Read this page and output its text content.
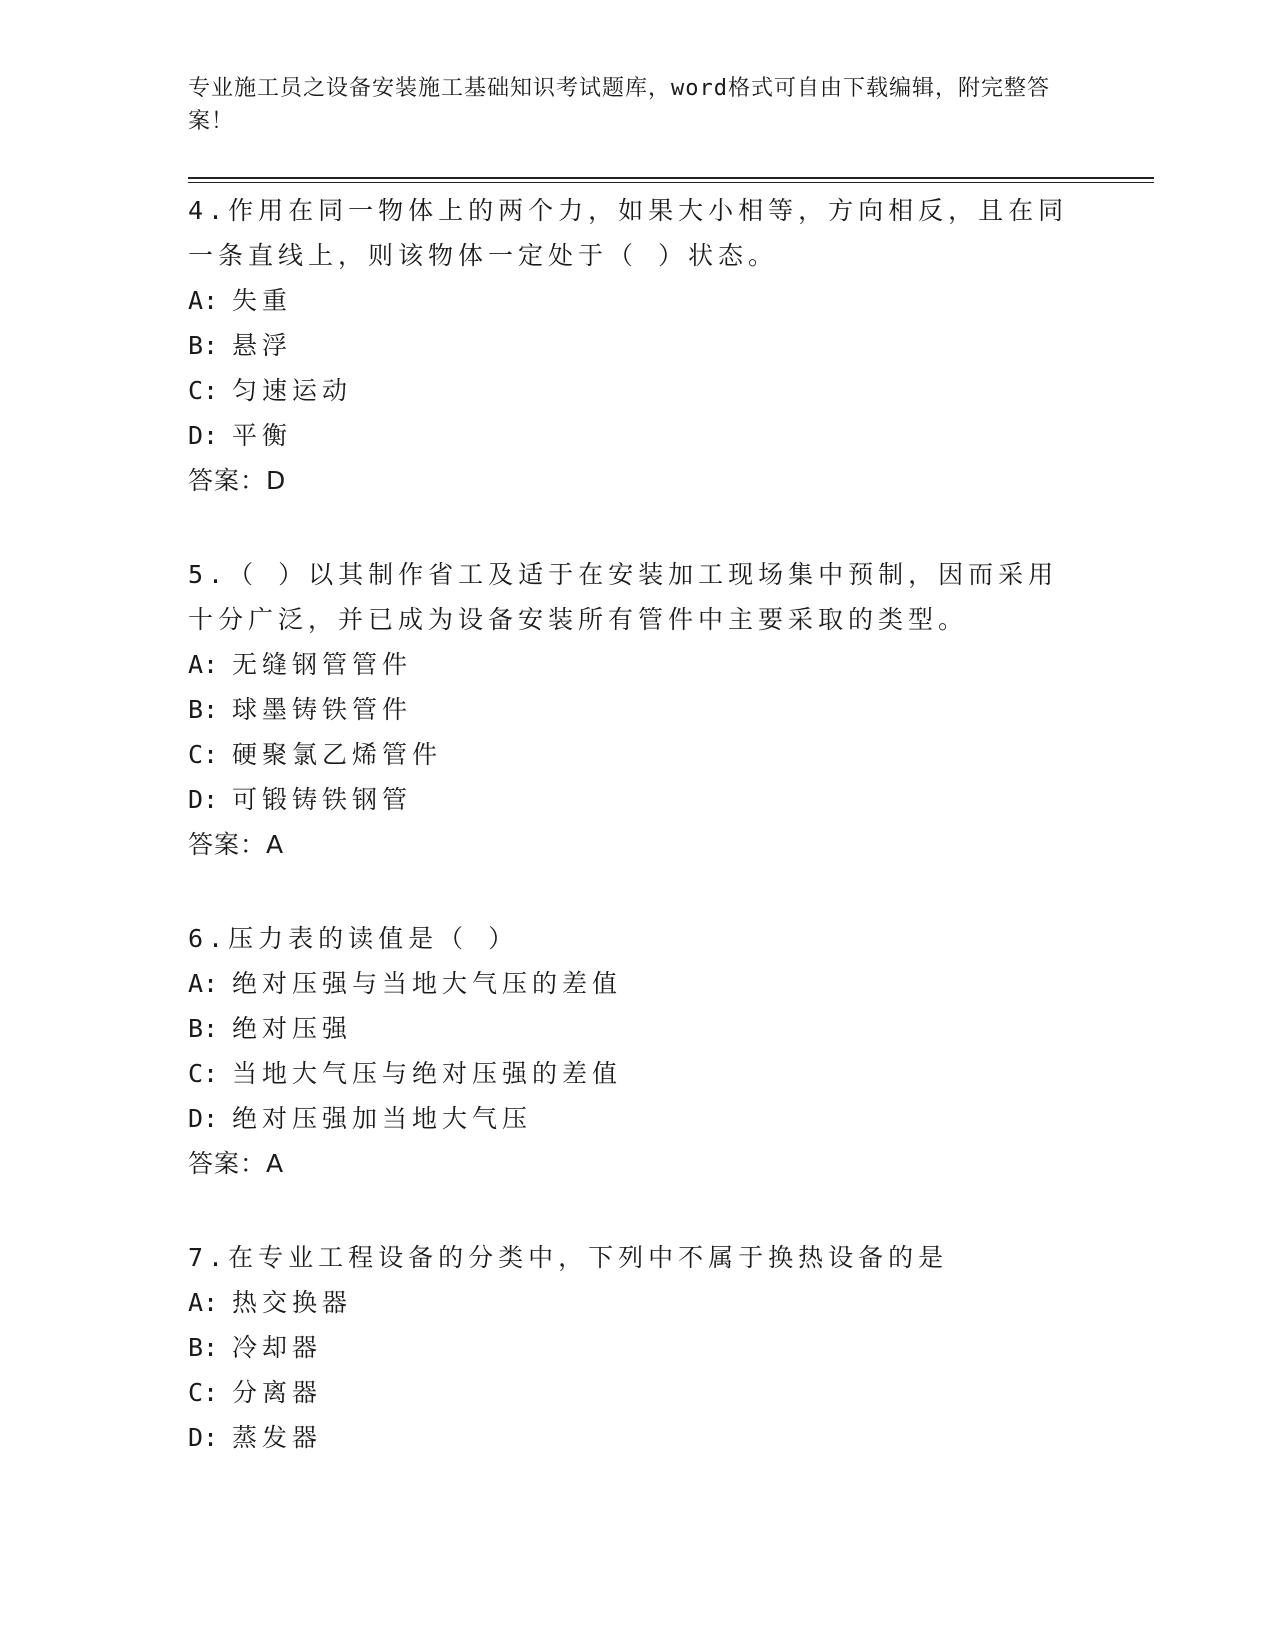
专业施工员之设备安装施工基础知识考试题库，word格式可自由下载编辑，附完整答案！

4.作用在同一物体上的两个力，如果大小相等，方向相反，且在同一条直线上，则该物体一定处于（ ）状态。

A: 失重

B: 悬浮

C: 匀速运动

D: 平衡

答案：D

5.（ ）以其制作省工及适于在安装加工现场集中预制，因而采用十分广泛，并已成为设备安装所有管件中主要采取的类型。

A: 无缝钢管管件

B: 球墨铸铁管件

C: 硬聚氯乙烯管件

D: 可锻铸铁钢管

答案：A

6.压力表的读值是（ ）

A: 绝对压强与当地大气压的差值

B: 绝对压强

C: 当地大气压与绝对压强的差值

D: 绝对压强加当地大气压

答案：A

7.在专业工程设备的分类中，下列中不属于换热设备的是

A: 热交换器

B: 冷却器

C: 分离器

D: 蒸发器
